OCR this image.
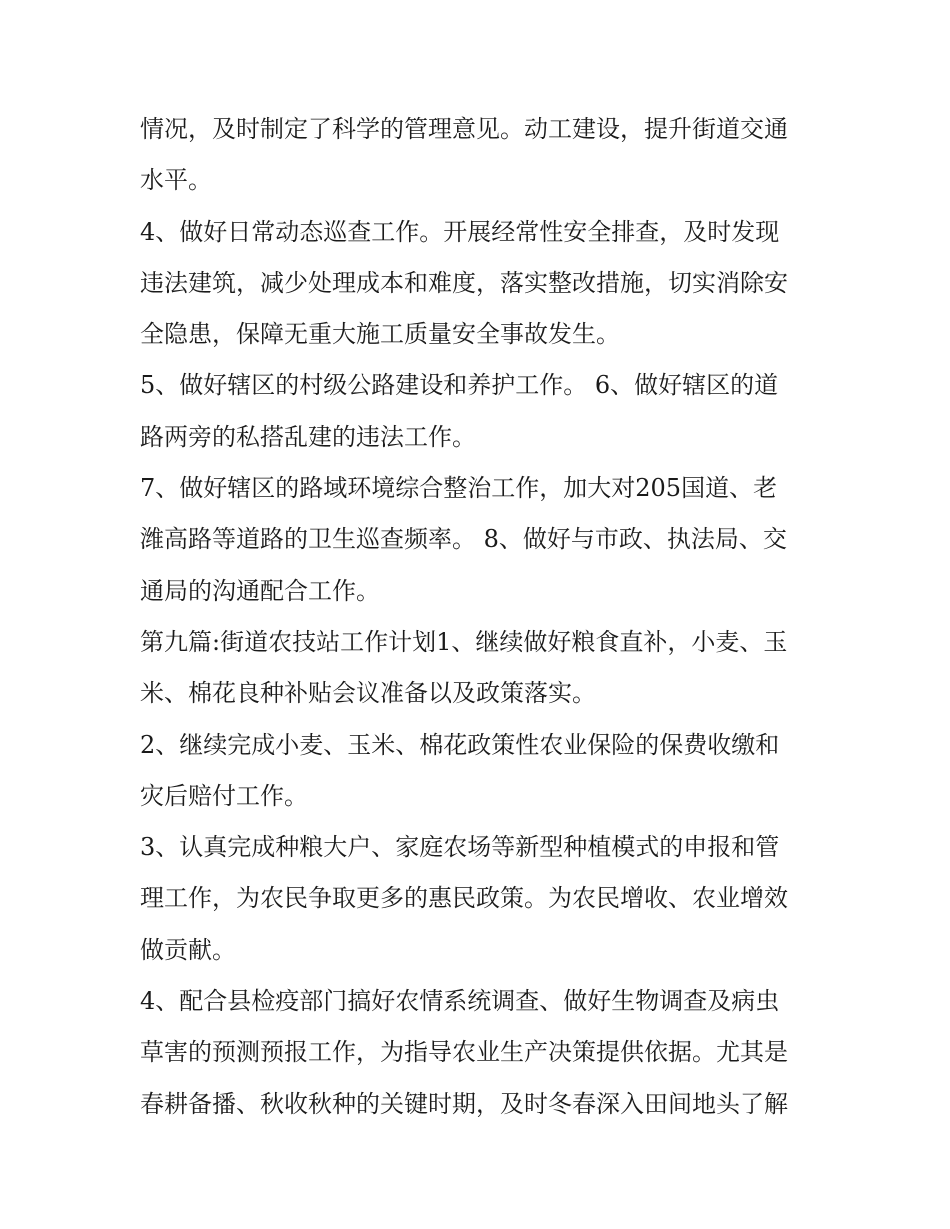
情况，及时制定了科学的管理意见。动工建设，提升街道交通
水平。
4、做好日常动态巡查工作。开展经常性安全排查，及时发现
违法建筑，减少处理成本和难度，落实整改措施，切实消除安
全隐患，保障无重大施工质量安全事故发生。
5、做好辖区的村级公路建设和养护工作。 6、做好辖区的道
路两旁的私搭乱建的违法工作。
7、做好辖区的路域环境综合整治工作，加大对205国道、老
潍高路等道路的卫生巡查频率。 8、做好与市政、执法局、交
通局的沟通配合工作。
第九篇:街道农技站工作计划1、继续做好粮食直补，小麦、玉
米、棉花良种补贴会议准备以及政策落实。
2、继续完成小麦、玉米、棉花政策性农业保险的保费收缴和
灾后赔付工作。
3、认真完成种粮大户、家庭农场等新型种植模式的申报和管
理工作，为农民争取更多的惠民政策。为农民增收、农业增效
做贡献。
4、配合县检疫部门搞好农情系统调查、做好生物调查及病虫
草害的预测预报工作，为指导农业生产决策提供依据。尤其是
春耕备播、秋收秋种的关键时期，及时冬春深入田间地头了解
